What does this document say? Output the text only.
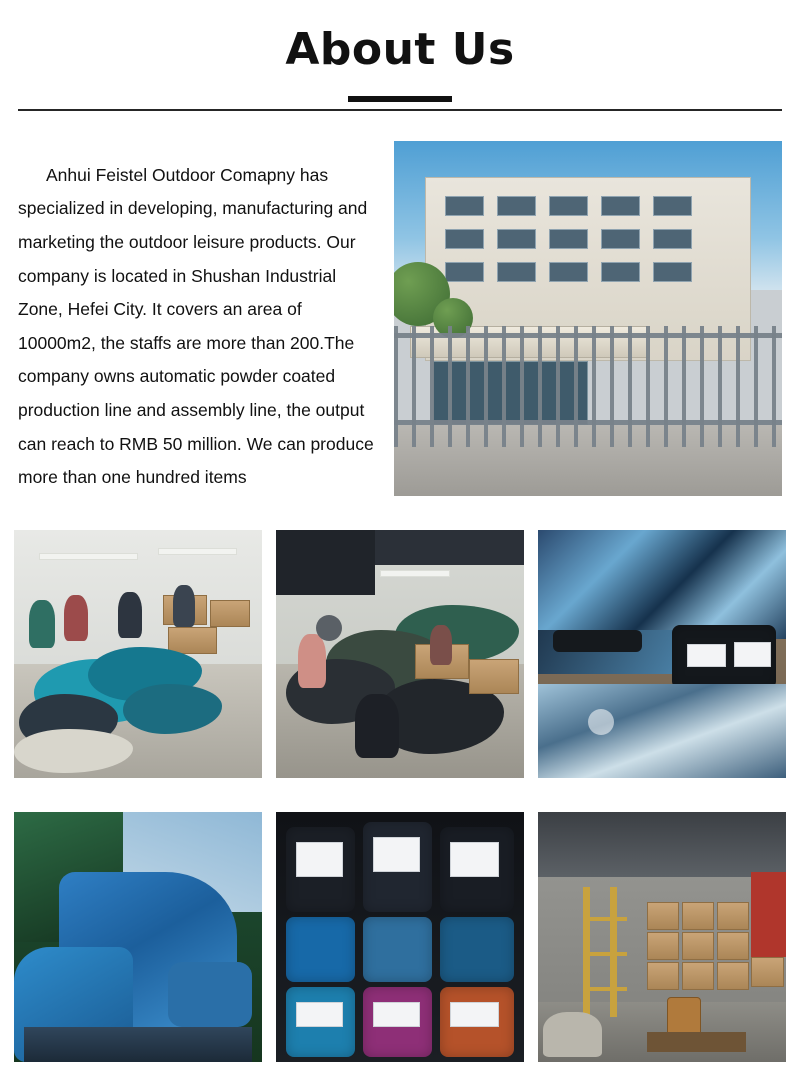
About Us

Anhui Feistel Outdoor Comapny has specialized in developing, manufacturing and marketing the outdoor leisure products. Our company is located in Shushan Industrial Zone, Hefei City. It covers an area of 10000m2, the staffs are more than 200.The company owns automatic powder coated production line and assembly line, the output can reach to RMB 50 million. We can produce more than one hundred items
